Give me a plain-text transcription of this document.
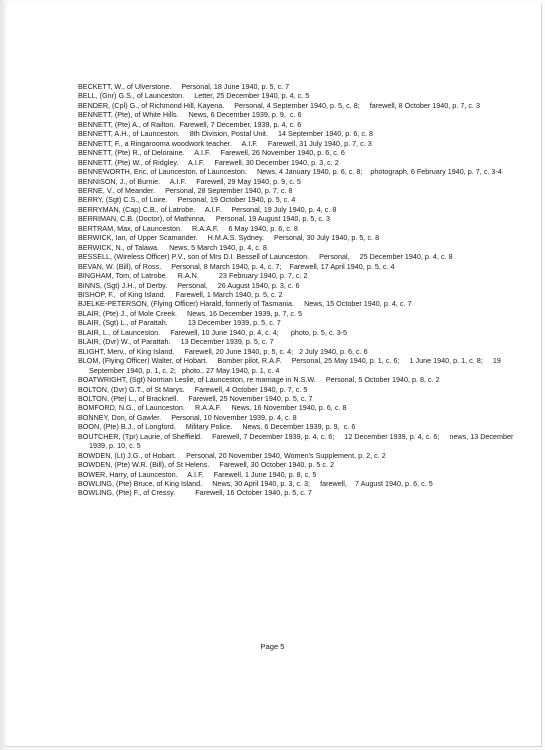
BECKETT, W., of Ulverstone.     Personal, 18 June 1940, p. 5, c. 7

BELL, (Gnr) G.S., of Launceston.     Letter, 25 December 1940, p. 4, c. 5

BENDER, (Cpl) G., of Richmond Hill, Kayena.     Personal, 4 September 1940, p. 5, c. 8;     farewell, 8 October 1940, p. 7, c. 3

BENNETT, (Pte), of White Hills.     News, 6 December 1939, p. 9,  c. 6

BENNETT, (Pte) A., of Railton.  Farewell, 7 December, 1939, p. 4, c. 6

BENNETT, A.H., of Launceston.     8th Division, Postal Unit.     14 September 1940, p. 6, c. 8

BENNETT, F., a Ringarooma woodwork teacher.     A.I.F.     Farewell, 31 July 1940, p. 7, c. 3

BENNETT, (Pte) R., of Deloraine.     A.I.F.     Farewell, 26 November 1940, p. 6, c. 6

BENNETT, (Pte) W., of Ridgley.     A.I.F.     Farewell, 30 December 1940, p. 3, c. 2

BENNEWORTH, Eric, of Launceston, of Launceston.     News, 4 January 1940, p. 6, c. 8;    photograph, 6 February 1940, p. 7, c. 3-4

BENNISON, J., of Burnie.     A.I.F.     Farewell, 29 May 1940, p. 9, c. 5

BERNE, V., of Meander.     Personal, 28 September 1940, p. 7, c. 8

BERRY, (Sgt) C.S., of Loire.     Personal, 19 October 1940, p. 5, c. 4

BERRYMAN, (Cap) C.B., of Latrobe.     A.I.F.     Personal, 19 July 1940, p. 4, c. 8

BERRIMAN, C.B. (Doctor), of Mathinna.     Personal, 19 August 1940, p. 5, c. 3

BERTRAM, Max, of Launceston.     R.A.A.F.     6 May 1940, p. 6, c. 8

BERWICK, Ian, of Upper Scamander.     H.M.A.S. Sydney.     Personal, 30 July 1940, p. 5, c. 8

BERWICK, N., of Talawa.     News, 5 March 1940, p. 4, c. 8

BESSELL, (Wireless Officer) P.V., son of Mrs D.I. Bessell of Launceston.     Personal,     25 December 1940, p. 4, c. 8

BEVAN, W. (Bill), of Ross.     Personal, 8 March 1940, p. 4, c. 7;    Farewell, 17 April 1940, p. 5, c. 4

BINGHAM, Tom, of Latrobe.     R.A.N.          23 February 1940, p. 7, c. 2

BINNS, (Sgt) J.H., of Derby.     Personal,     26 August 1940, p. 3, c. 6

BISHOP, F.,  of King Island.     Farewell, 1 March 1940, p. 5, c. 2

BJELKE-PETERSON, (Flying Officer) Harald, formerly of Tasmania.     News, 15 October 1940, p. 4, c. 7

BLAIR, (Pte) J., of Mole Creek.     News, 16 December 1939, p. 7, c. 5

BLAIR, (Sgt) L., of Parattah.          13 December 1939, p. 5, c. 7

BLAIR, L., of Launceston.     Farewell, 10 June 1940, p. 4, c. 4;      photo, p. 5, c. 3-5

BLAIR, (Dvr) W., of Parattah.     13 December 1939, p. 5, c. 7

BLIGHT, Merv., of King Island.     Farewell, 20 June 1940, p. 5, c. 4;   2 July 1940, p. 6, c. 6

BLOM, (Flying Officer) Walter, of Hobart.     Bomber pilot, R.A.F.     Personal, 25 May 1940, p. 1, c. 6;     1 June 1940, p. 1, c. 8;     19  September 1940, p. 1, c. 2;   photo., 27 May 1940, p. 1, c. 4

BOATWRIGHT, (Sgt) Norman Leslie, of Launceston, re marriage in N.S.W.     Personal, 5 October 1940, p. 8, c. 2

BOLTON, (Dvr) G.T., of St Marys.     Farewell, 4 October 1940, p. 7, c. 5

BOLTON, (Pte) L., of Bracknell.     Farewell, 25 November 1940, p. 5, c. 7

BOMFORD, N.G., of Launceston.     R.A.A.F.     News, 16 November 1940, p. 6, c. 8

BONNEY, Don, of Gawler.     Personal, 10 November 1939, p. 4, c. 8

BOON, (Pte) B.J., of Longford.     Military Police.     News, 6 December 1939, p. 9,  c. 6

BOUTCHER, (Tpr) Laurie, of Sheffield.     Farewell, 7 December 1939, p. 4, c. 6;     12 December 1939, p. 4, c. 6;     news, 13 December 1939, p. 10, c. 5

BOWDEN, (Lt) J.G., of Hobart.     Personal, 20 November 1940, Women's Supplement, p. 2, c. 2

BOWDEN, (Pte) W.R. (Bill), of St Helens.     Farewell, 30 October 1940, p. 5 c. 2

BOWER, Harry, of Launceston.     A.I.F.     Farewell, 1 June 1940, p. 8, c. 5

BOWLING, (Pte) Bruce, of King Island.     News, 30 April 1940, p. 3, c. 3;     farewell,    7 August 1940, p. 6, c. 5

BOWLING, (Pte) F., of Cressy.          Farewell, 16 October 1940, p. 5, c. 7

Page 5
